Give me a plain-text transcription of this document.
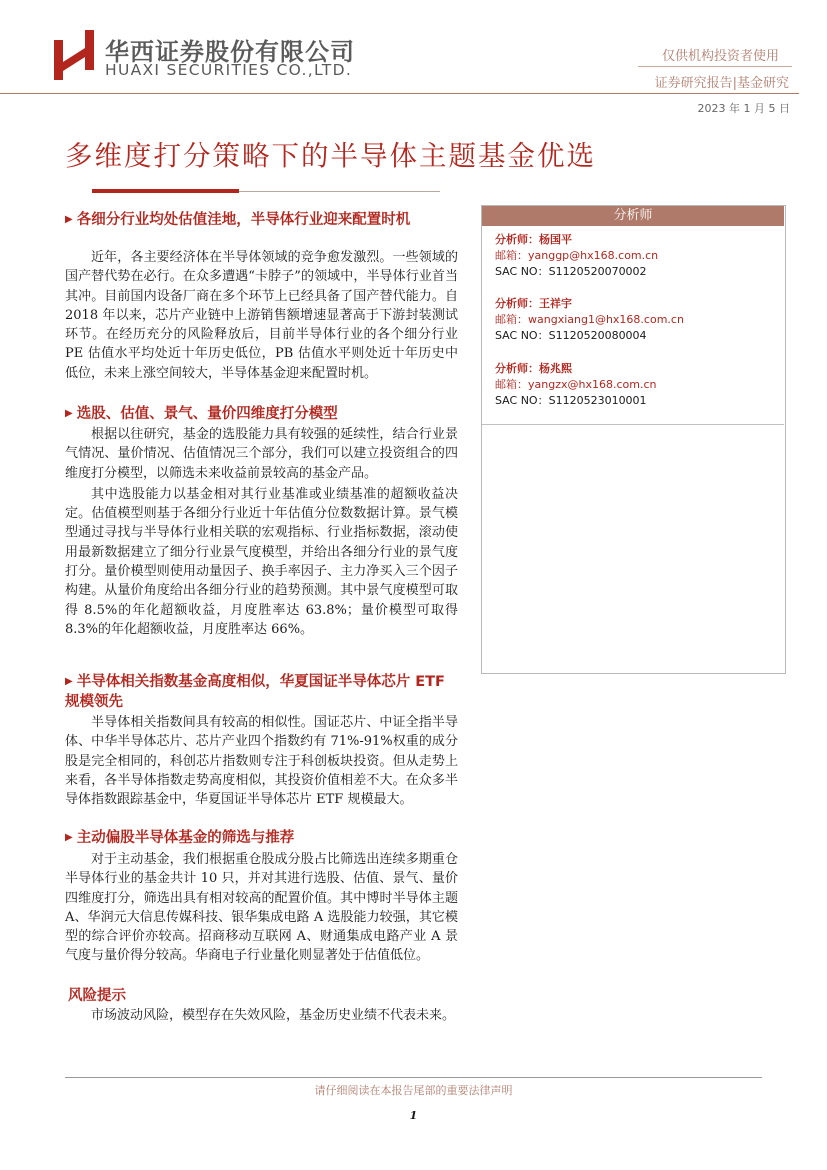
华西证券股份有限公司
HUAXI SECURITIES CO.,LTD.
仅供机构投资者使用
证券研究报告|基金研究
2023 年 1 月 5 日
多维度打分策略下的半导体主题基金优选
▶ 各细分行业均处估值洼地，半导体行业迎来配置时机

近年，各主要经济体在半导体领域的竞争愈发激烈。一些领域的国产替代势在必行。在众多遭遇“卡脖子”的领域中，半导体行业首当其冲。目前国内设备厂商在多个环节上已经具备了国产替代能力。自 2018 年以来，芯片产业链中上游销售额增速显著高于下游封装测试环节。在经历充分的风险释放后，目前半导体行业的各个细分行业 PE 估值水平均处近十年历史低位，PB 估值水平则处近十年历史中低位，未来上涨空间较大，半导体基金迎来配置时机。

▶ 选股、估值、景气、量价四维度打分模型

根据以往研究，基金的选股能力具有较强的延续性，结合行业景气情况、量价情况、估值情况三个部分，我们可以建立投资组合的四维度打分模型，以筛选未来收益前景较高的基金产品。

其中选股能力以基金相对其行业基准或业绩基准的超额收益决定。估值模型则基于各细分行业近十年估值分位数数据计算。景气模型通过寻找与半导体行业相关联的宏观指标、行业指标数据，滚动使用最新数据建立了细分行业景气度模型，并给出各细分行业的景气度打分。量价模型则使用动量因子、换手率因子、主力净买入三个因子构建。从量价角度给出各细分行业的趋势预测。其中景气度模型可取得 8.5%的年化超额收益，月度胜率达 63.8%；量价模型可取得 8.3%的年化超额收益，月度胜率达 66%。

▶ 半导体相关指数基金高度相似，华夏国证半导体芯片 ETF 规模领先

半导体相关指数间具有较高的相似性。国证芯片、中证全指半导体、中华半导体芯片、芯片产业四个指数约有 71%-91%权重的成分股是完全相同的，科创芯片指数则专注于科创板块投资。但从走势上来看，各半导体指数走势高度相似，其投资价值相差不大。在众多半导体指数跟踪基金中，华夏国证半导体芯片 ETF 规模最大。

▶ 主动偏股半导体基金的筛选与推荐

对于主动基金，我们根据重仓股成分股占比筛选出连续多期重仓半导体行业的基金共计 10 只，并对其进行选股、估值、景气、量价四维度打分，筛选出具有相对较高的配置价值。其中博时半导体主题 A、华润元大信息传媒科技、银华集成电路 A 选股能力较强，其它模型的综合评价亦较高。招商移动互联网 A、财通集成电路产业 A 景气度与量价得分较高。华商电子行业量化则显著处于估值低位。

风险提示

市场波动风险，模型存在失效风险，基金历史业绩不代表未来。

分析师
分析师：杨国平
邮箱：yanggp@hx168.com.cn
SAC NO：S1120520070002
分析师：王祥宇
邮箱：wangxiang1@hx168.com.cn
SAC NO：S1120520080004
分析师：杨兆熙
邮箱：yangzx@hx168.com.cn
SAC NO：S1120523010001
请仔细阅读在本报告尾部的重要法律声明
1
